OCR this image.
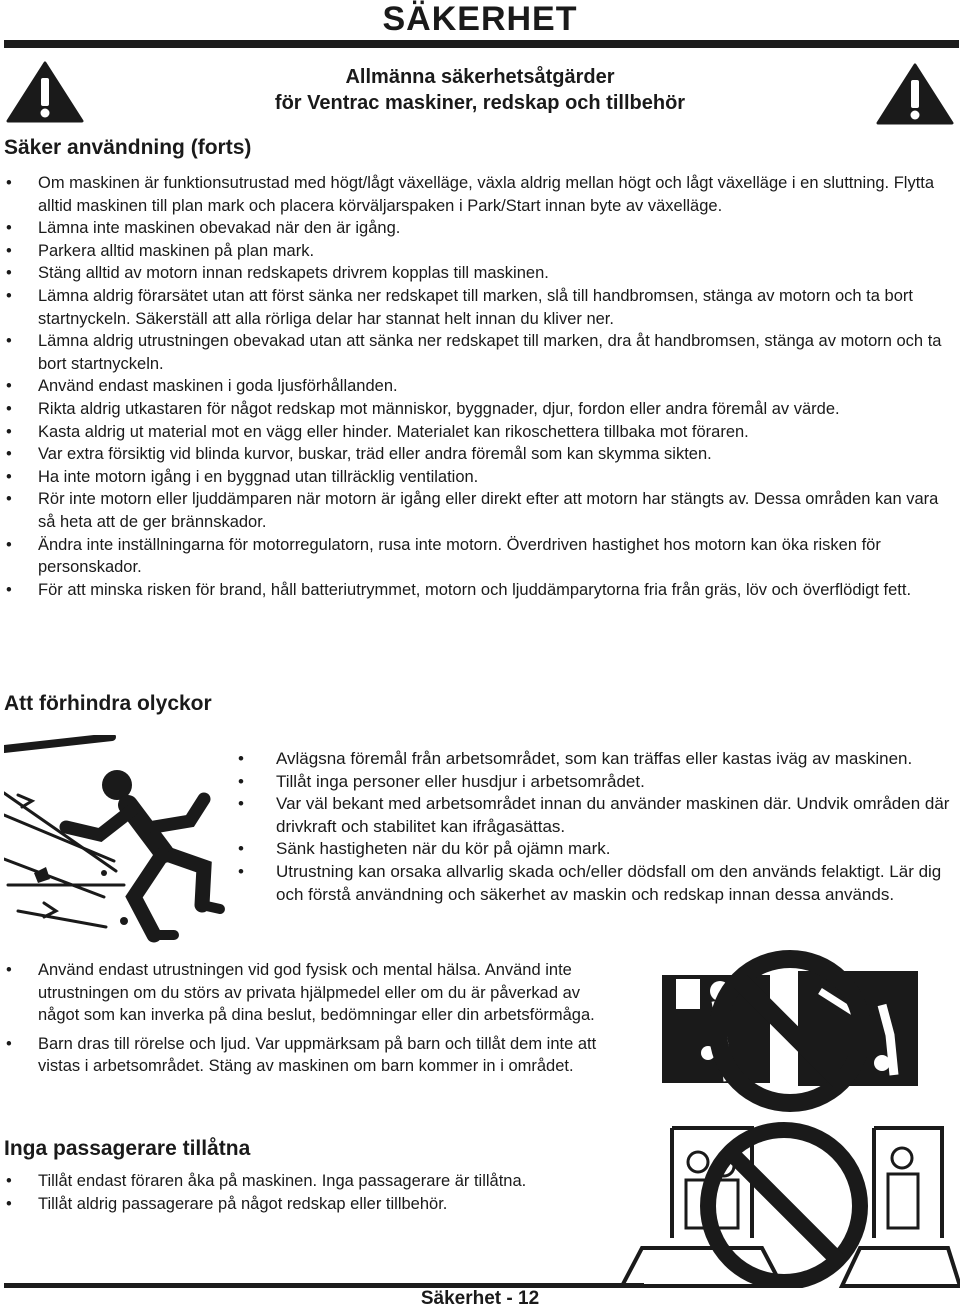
SÄKERHET
Allmänna säkerhetsåtgärder
för Ventrac maskiner, redskap och tillbehör
Säker användning (forts)
• Om maskinen är funktionsutrustad med högt/lågt växelläge, växla aldrig mellan högt och lågt växelläge i en sluttning. Flytta alltid maskinen till plan mark och placera körväljarspaken i Park/Start innan byte av växelläge.
• Lämna inte maskinen obevakad när den är igång.
• Parkera alltid maskinen på plan mark.
• Stäng alltid av motorn innan redskapets drivrem kopplas till maskinen.
• Lämna aldrig förarsätet utan att först sänka ner redskapet till marken, slå till handbromsen, stänga av motorn och ta bort startnyckeln. Säkerställ att alla rörliga delar har stannat helt innan du kliver ner.
• Lämna aldrig utrustningen obevakad utan att sänka ner redskapet till marken, dra åt handbromsen, stänga av motorn och ta bort startnyckeln.
• Använd endast maskinen i goda ljusförhållanden.
• Rikta aldrig utkastaren för något redskap mot människor, byggnader, djur, fordon eller andra föremål av värde.
• Kasta aldrig ut material mot en vägg eller hinder. Materialet kan rikoschettera tillbaka mot föraren.
• Var extra försiktig vid blinda kurvor, buskar, träd eller andra föremål som kan skymma sikten.
• Ha inte motorn igång i en byggnad utan tillräcklig ventilation.
• Rör inte motorn eller ljuddämparen när motorn är igång eller direkt efter att motorn har stängts av. Dessa områden kan vara så heta att de ger brännskador.
• Ändra inte inställningarna för motorregulatorn, rusa inte motorn. Överdriven hastighet hos motorn kan öka risken för personskador.
• För att minska risken för brand, håll batteriutrymmet, motorn och ljuddämparytorna fria från gräs, löv och överflödigt fett.
Att förhindra olyckor
• Avlägsna föremål från arbetsområdet, som kan träffas eller kastas iväg av maskinen.
• Tillåt inga personer eller husdjur i arbetsområdet.
• Var väl bekant med arbetsområdet innan du använder maskinen där. Undvik områden där drivkraft och stabilitet kan ifrågasättas.
• Sänk hastigheten när du kör på ojämn mark.
• Utrustning kan orsaka allvarlig skada och/eller dödsfall om den används felaktigt. Lär dig och förstå användning och säkerhet av maskin och redskap innan dessa används.
• Använd endast utrustningen vid god fysisk och mental hälsa. Använd inte utrustningen om du störs av privata hjälpmedel eller om du är påverkad av något som kan inverka på dina beslut, bedömningar eller din arbetsförmåga.
• Barn dras till rörelse och ljud. Var uppmärksam på barn och tillåt dem inte att vistas i arbetsområdet. Stäng av maskinen om barn kommer in i området.
Inga passagerare tillåtna
• Tillåt endast föraren åka på maskinen. Inga passagerare är tillåtna.
• Tillåt aldrig passagerare på något redskap eller tillbehör.
Säkerhet - 12
